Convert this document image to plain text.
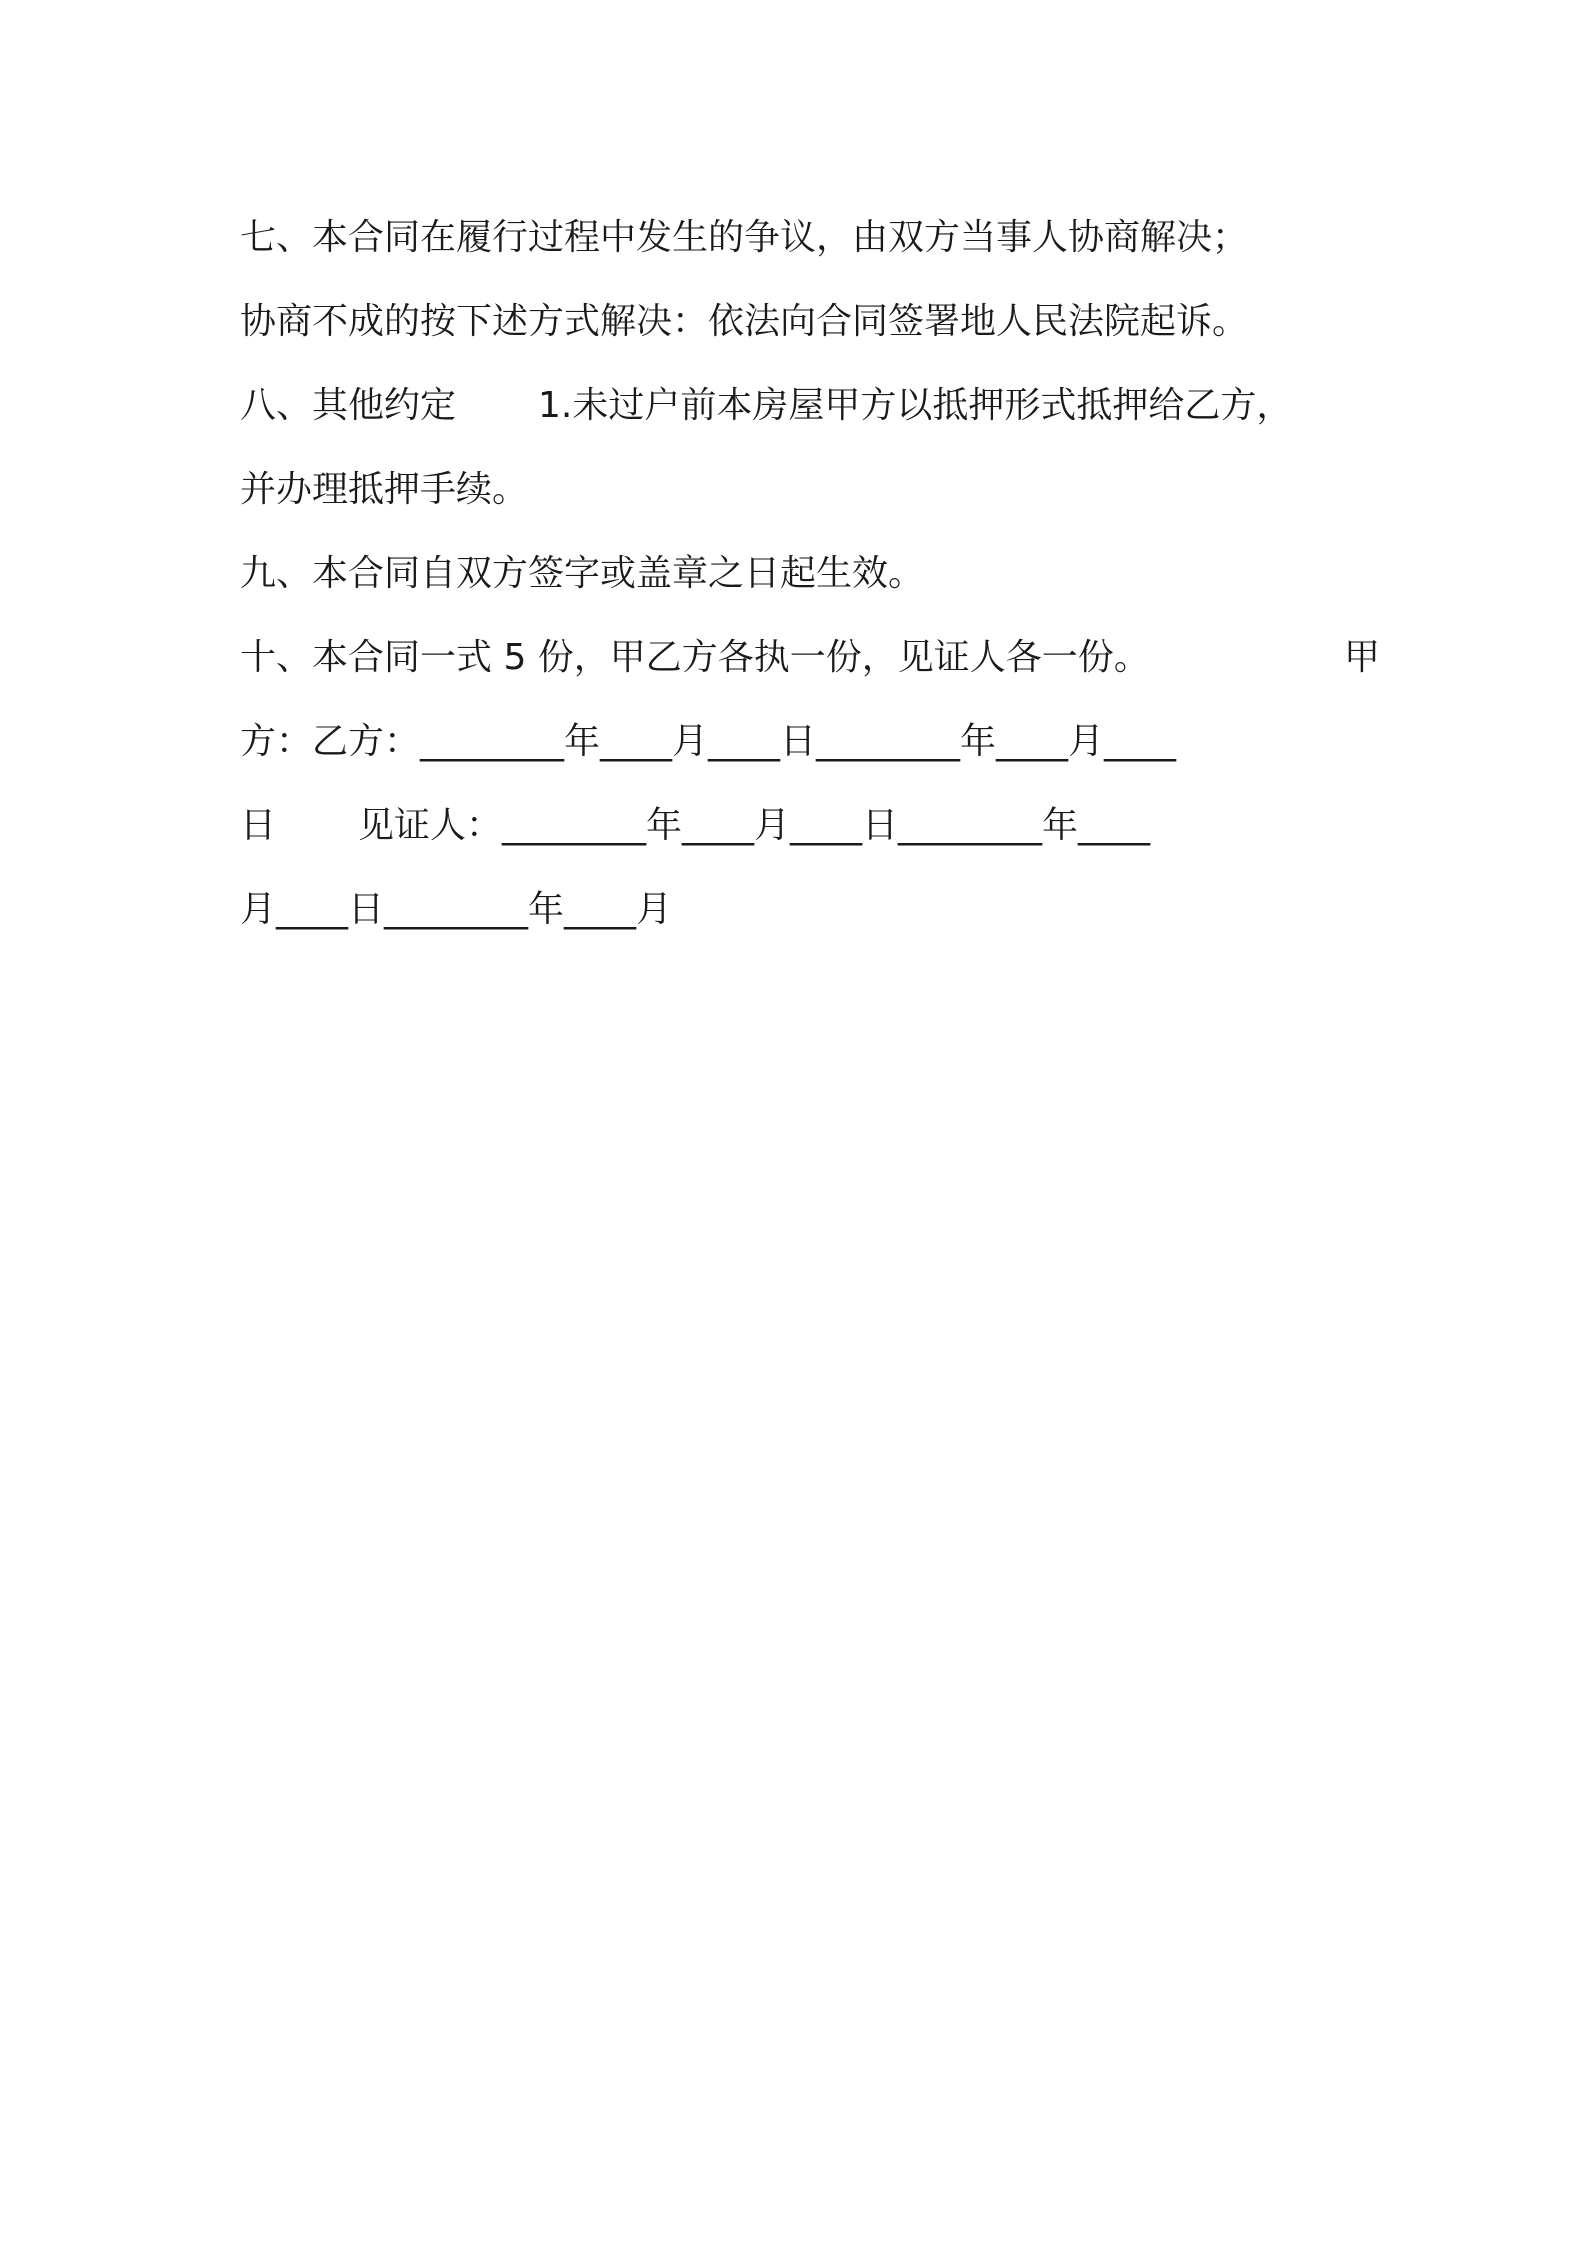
七、本合同在履行过程中发生的争议，由双方当事人协商解决；
协商不成的按下述方式解决：依法向合同签署地人民法院起诉。
八、其他约定 1.未过户前本房屋甲方以抵押形式抵押给乙方，
并办理抵押手续。
九、本合同自双方签字或盖章之日起生效。
十、本合同一式 5 份，甲乙方各执一份，见证人各一份。	甲
方：乙方：________年____月____日________年____月____
日 见证人：________年____月____日________年____
月____日________年____月
